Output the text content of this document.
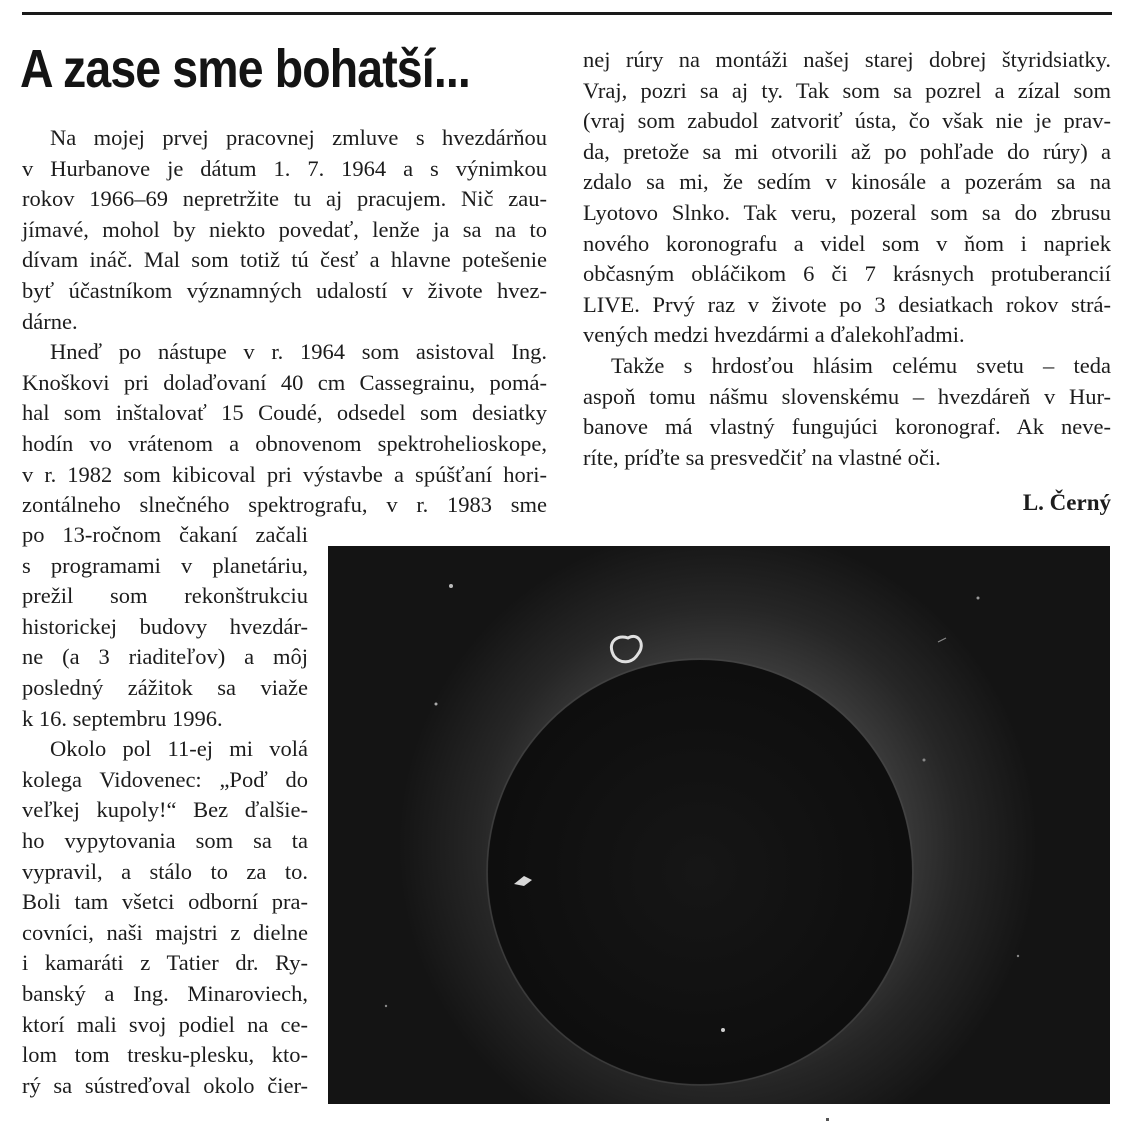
A zase sme bohatší...
Na mojej prvej pracovnej zmluve s hvezdárňou
v Hurbanove je dátum 1. 7. 1964 a s výnimkou
rokov 1966–69 nepretržite tu aj pracujem. Nič zau-
jímavé, mohol by niekto povedať, lenže ja sa na to
dívam ináč. Mal som totiž tú česť a hlavne potešenie
byť účastníkom významných udalostí v živote hvez-
dárne.
Hneď po nástupe v r. 1964 som asistoval Ing.
Knoškovi pri dolaďovaní 40 cm Cassegrainu, pomá-
hal som inštalovať 15 Coudé, odsedel som desiatky
hodín vo vrátenom a obnovenom spektrohelioskope,
v r. 1982 som kibicoval pri výstavbe a spúšťaní hori-
zontálneho slnečného spektrografu, v r. 1983 sme
po 13-ročnom čakaní začali
s programami v planetáriu,
prežil som rekonštrukciu
historickej budovy hvezdár-
ne (a 3 riaditeľov) a môj
posledný zážitok sa viaže
k 16. septembru 1996.
Okolo pol 11-ej mi volá
kolega Vidovenec: „Poď do
veľkej kupoly!“ Bez ďalšie-
ho vypytovania som sa ta
vypravil, a stálo to za to.
Boli tam všetci odborní pra-
covníci, naši majstri z dielne
i kamaráti z Tatier dr. Ry-
banský a Ing. Minaroviech,
ktorí mali svoj podiel na ce-
lom tom tresku-plesku, kto-
rý sa sústreďoval okolo čier-
nej rúry na montáži našej starej dobrej štyridsiatky.
Vraj, pozri sa aj ty. Tak som sa pozrel a zízal som
(vraj som zabudol zatvoriť ústa, čo však nie je prav-
da, pretože sa mi otvorili až po pohľade do rúry) a
zdalo sa mi, že sedím v kinosále a pozerám sa na
Lyotovo Slnko. Tak veru, pozeral som sa do zbrusu
nového koronografu a videl som v ňom i napriek
občasným obláčikom 6 či 7 krásnych protuberancií
LIVE. Prvý raz v živote po 3 desiatkach rokov strá-
vených medzi hvezdármi a ďalekohľadmi.
Takže s hrdosťou hlásim celému svetu – teda
aspoň tomu nášmu slovenskému – hvezdáreň v Hur-
banove má vlastný fungujúci koronograf. Ak neve-
ríte, príďte sa presvedčiť na vlastné oči.
L. Černý
